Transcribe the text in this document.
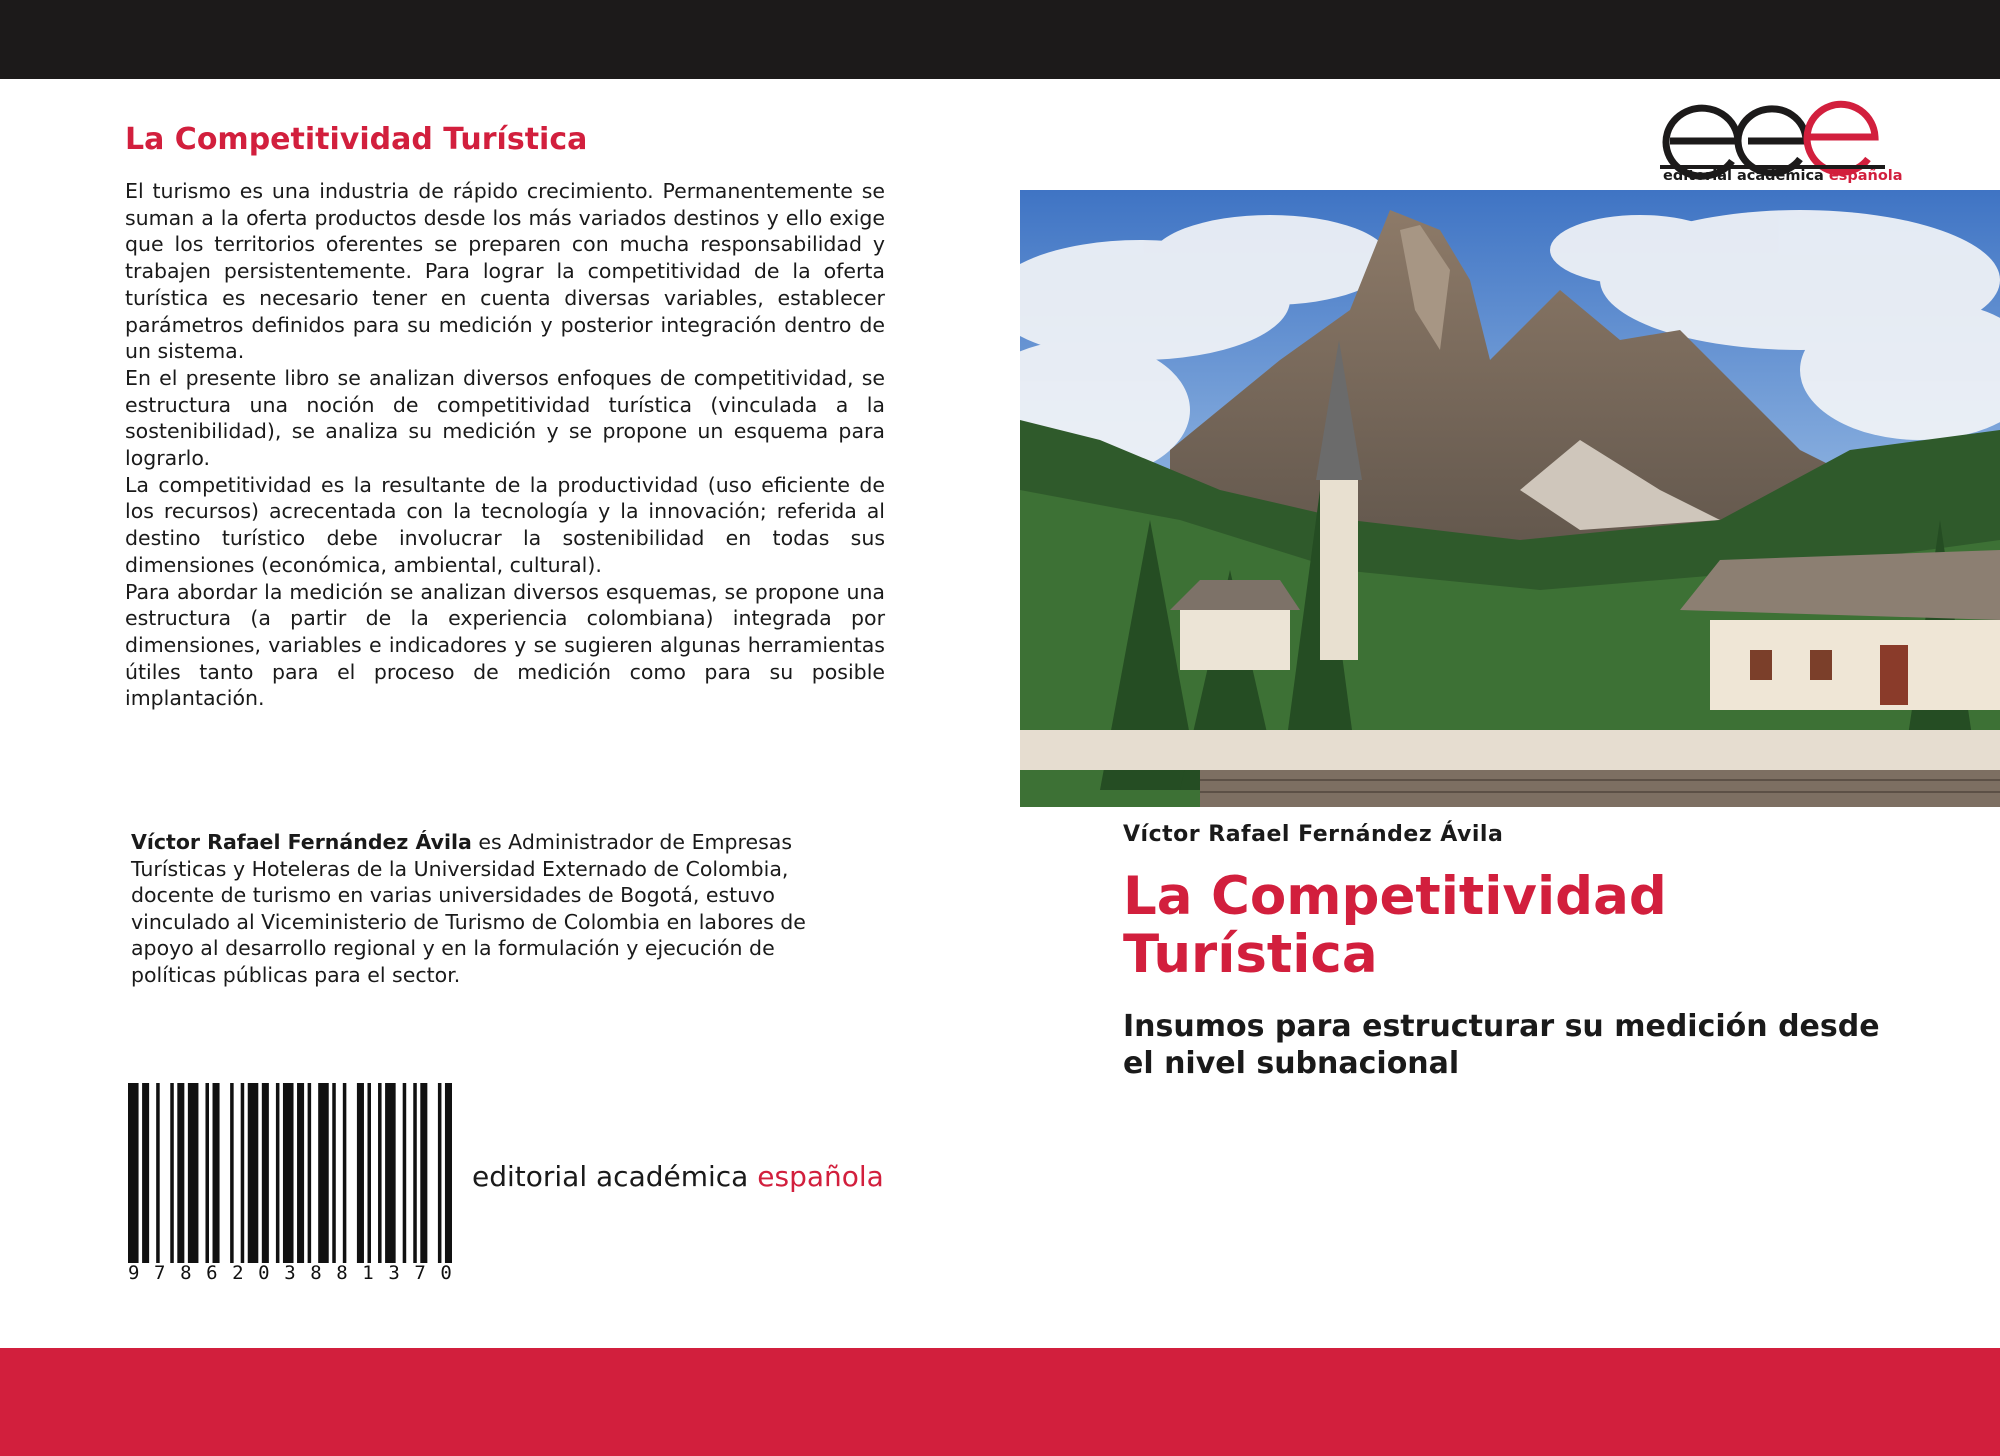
La Competitividad Turística

El turismo es una industria de rápido crecimiento. Permanentemente se suman a la oferta productos desde los más variados destinos y ello exige que los territorios oferentes se preparen con mucha responsabilidad y trabajen persistentemente. Para lograr la competitividad de la oferta turística es necesario tener en cuenta diversas variables, establecer parámetros definidos para su medición y posterior integración dentro de un sistema.

En el presente libro se analizan diversos enfoques de competitividad, se estructura una noción de competitividad turística (vinculada a la sostenibilidad), se analiza su medición y se propone un esquema para lograrlo.

La competitividad es la resultante de la productividad (uso eficiente de los recursos) acrecentada con la tecnología y la innovación; referida al destino turístico debe involucrar la sostenibilidad en todas sus dimensiones (económica, ambiental, cultural).

Para abordar la medición se analizan diversos esquemas, se propone una estructura (a partir de la experiencia colombiana) integrada por dimensiones, variables e indicadores y se sugieren algunas herramientas útiles tanto para el proceso de medición como para su posible implantación.

Víctor Rafael Fernández Ávila es Administrador de Empresas Turísticas y Hoteleras de la Universidad Externado de Colombia, docente de turismo en varias universidades de Bogotá, estuvo vinculado al Viceministerio de Turismo de Colombia en labores de apoyo al desarrollo regional y en la formulación y ejecución de políticas públicas para el sector.
9 7 8 6 2 0 3 8 8 1 3 7 0
editorial académica española
editorial académica española
Víctor Rafael Fernández Ávila
La Competitividad Turística
Insumos para estructurar su medición desde el nivel subnacional
